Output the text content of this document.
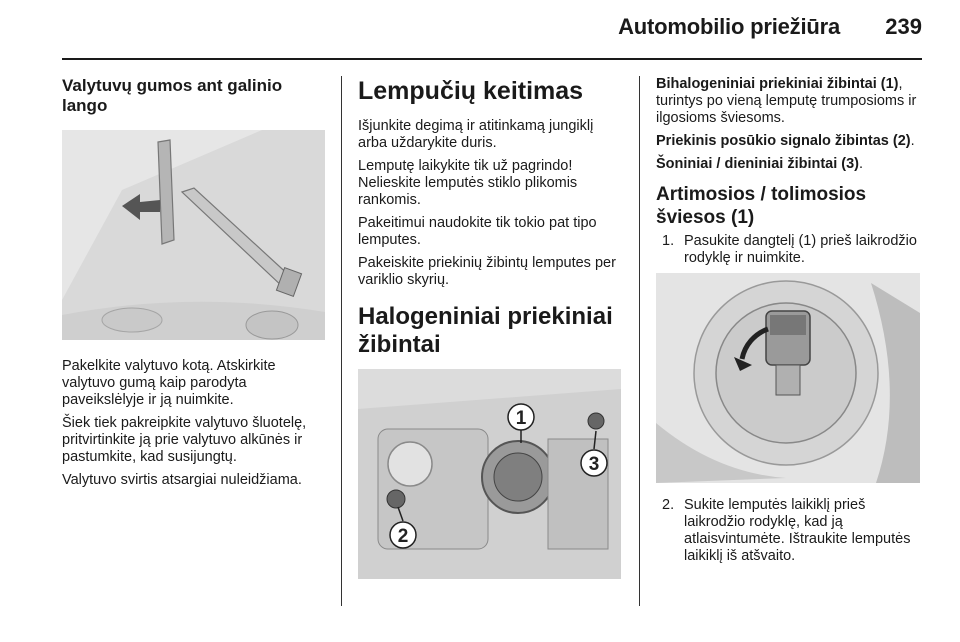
Automobilio priežiūra 239
Valytuvų gumos ant galinio lango

Pakelkite valytuvo kotą. Atskirkite valytuvo gumą kaip parodyta paveikslėlyje ir ją nuimkite.

Šiek tiek pakreipkite valytuvo šluotelę, pritvirtinkite ją prie valytuvo alkūnės ir pastumkite, kad susijungtų.

Valytuvo svirtis atsargiai nuleidžiama.

Lempučių keitimas

Išjunkite degimą ir atitinkamą jungiklį arba uždarykite duris.

Lemputę laikykite tik už pagrindo! Nelieskite lemputės stiklo plikomis rankomis.

Pakeitimui naudokite tik tokio pat tipo lemputes.

Pakeiskite priekinių žibintų lemputes per variklio skyrių.

Halogeniniai priekiniai žibintai
1
2
3

Bihalogeniniai priekiniai žibintai (1), turintys po vieną lemputę trumposioms ir ilgosioms šviesoms.

Priekinis posūkio signalo žibintas (2).

Šoniniai / dieniniai žibintai (3).

Artimosios / tolimosios šviesos (1)
1. Pasukite dangtelį (1) prieš laikrodžio rodyklę ir nuimkite.
2. Sukite lemputės laikiklį prieš laikrodžio rodyklę, kad ją atlaisvintumėte. Ištraukite lemputės laikiklį iš atšvaito.
